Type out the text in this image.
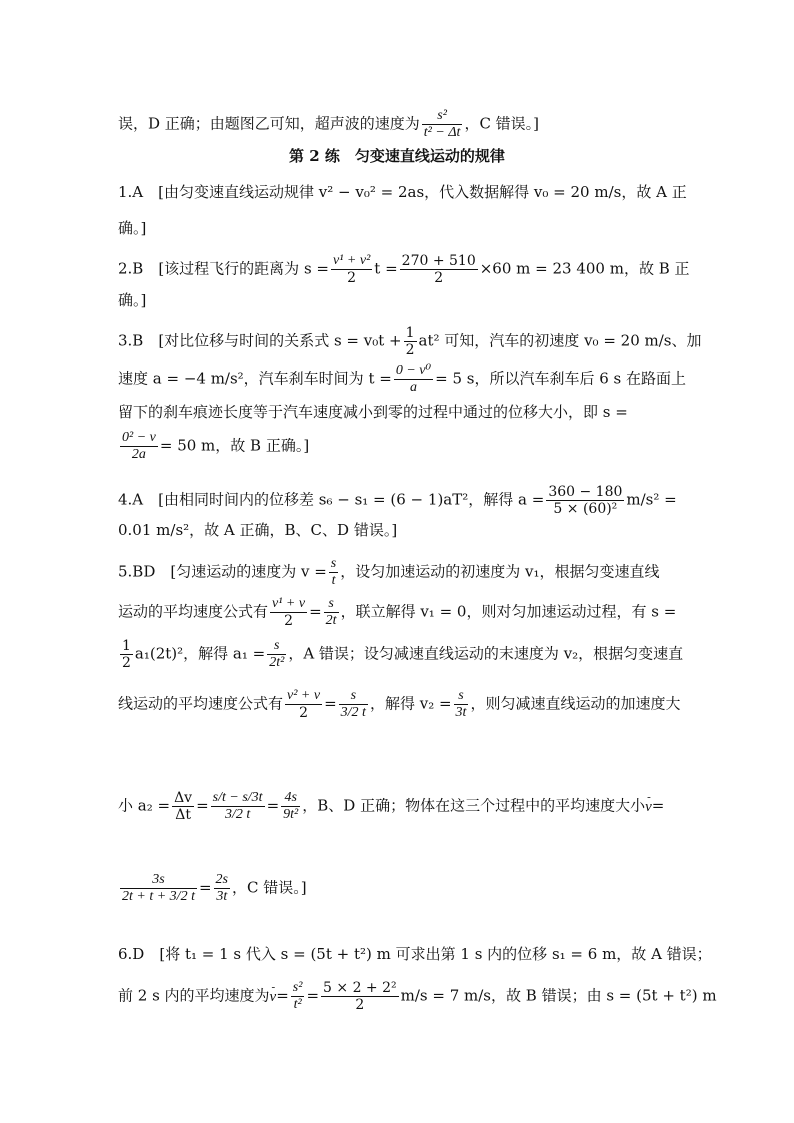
误，D 正确；由题图乙可知，超声波的速度为 $\frac{\text{s²}}{\text{t² − Δt}}$ ，C 错误。]
第 2 练　匀变速直线运动的规律
1.A　[由匀变速直线运动规律 v² − v₀² = 2as，代入数据解得 v₀ = 20 m/s，故 A 正
确。]
2.B　[该过程飞行的距离为 $s = \frac{\text{v¹ + v²}}{2}$ $t = \frac{270 + 510}{2} \times 60$ m = 23 400 m，故 B 正
确。]
3.B　[对比位移与时间的关系式 $s = v_0t + \frac{1}{2} at^2$ 可知，汽车的初速度 v₀ = 20 m/s、加
速度 a = −4 m/s²，汽车刹车时间为 $t = \frac{\text{0 − v⁰}}{a} = 5$ s，所以汽车刹车后 6 s 在路面上
留下的刹车痕迹长度等于汽车速度减小到零的过程中通过的位移大小，即 s =
$\frac{\text{0² − v}}{2a} = 50$ m，故 B 正确。]
4.A　[由相同时间内的位移差 s₆ − s₁ = (6 − 1)aT²，解得 $a = \frac{360 - 180}{\text{5 × (60)²}} m/s^2$ =
0.01 m/s²，故 A 正确，B、C、D 错误。]
5.BD　[匀速运动的速度为 $v = \frac{s}{t}$ ，设匀加速运动的初速度为 v₁，根据匀变速直线
运动的平均速度公式有 $\frac{\text{v¹ + v}}{2} = \frac{s}{2t}$ ，联立解得 v₁ = 0，则对匀加速运动过程，有 s =
$\frac{1}{2} a_1(2t)^2$，解得 $a_1 = \frac{s}{\text{2t²}}$ ，A 错误；设匀减速直线运动的末速度为 v₂，根据匀变速直
线运动的平均速度公式有 $\frac{\text{v² + v}}{2} = \frac{s}{3/2 t}$ ，解得 $v_2 = \frac{s}{3t}$ ，则匀减速直线运动的加速度大
小 $a_2 = \frac{\Delta v}{\Delta t} = \frac{s/t - s/3t}{3/2 t} = \frac{4s}{\text{9t²}}$ ，B、D 正确；物体在这三个过程中的平均速度大小- v=
$\frac{3s}{2t + t + 3/2 t} = \frac{2s}{3t}$ ，C 错误。]
6.D　[将 t₁ = 1 s 代入 s = (5t + t²) m 可求出第 1 s 内的位移 s₁ = 6 m，故 A 错误；
前 2 s 内的平均速度为- $v= \frac{\text{s²}}{\text{t²}} = \frac{\text{5 × 2 + 2²}}{2} m/s = 7$ m/s，故 B 错误；由 s = (5t + t²) m
